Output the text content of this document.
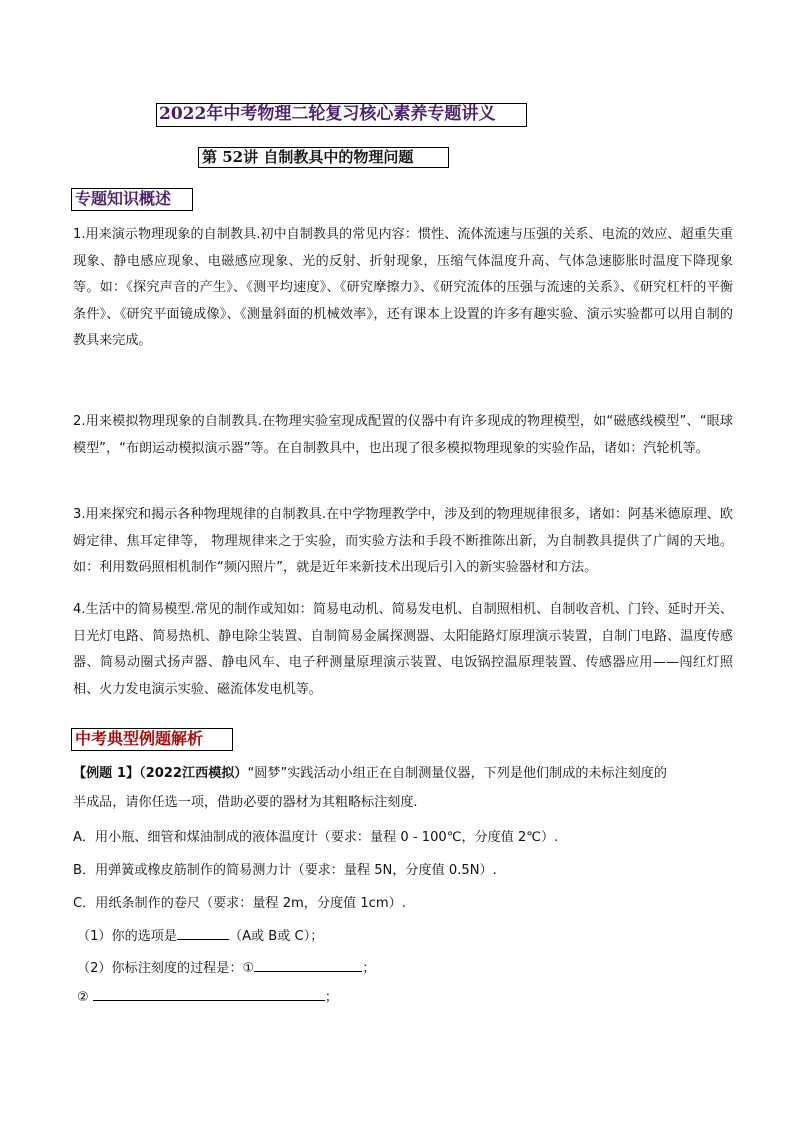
2022年中考物理二轮复习核心素养专题讲义
第 52讲 自制教具中的物理问题
专题知识概述

1.用来演示物理现象的自制教具.初中自制教具的常见内容：惯性、流体流速与压强的关系、电流的效应、超重失重现象、静电感应现象、电磁感应现象、光的反射、折射现象，压缩气体温度升高、气体急速膨胀时温度下降现象等。如：《探究声音的产生》、《测平均速度》、《研究摩擦力》、《研究流体的压强与流速的关系》、《研究杠杆的平衡条件》、《研究平面镜成像》、《测量斜面的机械效率》，还有课本上设置的许多有趣实验、演示实验都可以用自制的教具来完成。

2.用来模拟物理现象的自制教具.在物理实验室现成配置的仪器中有许多现成的物理模型，如“磁感线模型”、“眼球模型”，“布朗运动模拟演示器”等。在自制教具中，也出现了很多模拟物理现象的实验作品，诸如：汽轮机等。

3.用来探究和揭示各种物理规律的自制教具.在中学物理教学中，涉及到的物理规律很多，诸如：阿基米德原理、欧姆定律、焦耳定律等， 物理规律来之于实验，而实验方法和手段不断推陈出新，为自制教具提供了广阔的天地。如：利用数码照相机制作“频闪照片”，就是近年来新技术出现后引入的新实验器材和方法。

4.生活中的简易模型.常见的制作或知如：简易电动机、简易发电机、自制照相机、自制收音机、门铃、延时开关、日光灯电路、简易热机、静电除尘装置、自制简易金属探测器、太阳能路灯原理演示装置，自制门电路、温度传感器、简易动圈式扬声器、静电风车、电子秤测量原理演示装置、电饭锅控温原理装置、传感器应用——闯红灯照相、火力发电演示实验、磁流体发电机等。

中考典型例题解析
【例题 1】（2022江西模拟）“圆梦”实践活动小组正在自制测量仪器，下列是他们制成的未标注刻度的
半成品，请你任选一项，借助必要的器材为其粗略标注刻度.
A．用小瓶、细管和煤油制成的液体温度计（要求：量程 0 - 100℃，分度值 2℃）.
B．用弹簧或橡皮筋制作的简易测力计（要求：量程 5N，分度值 0.5N）.
C．用纸条制作的卷尺（要求：量程 2m，分度值 1cm）.
（1）你的选项是	（A或 B或 C）；
（2）你标注刻度的过程是：①	；
②	；
